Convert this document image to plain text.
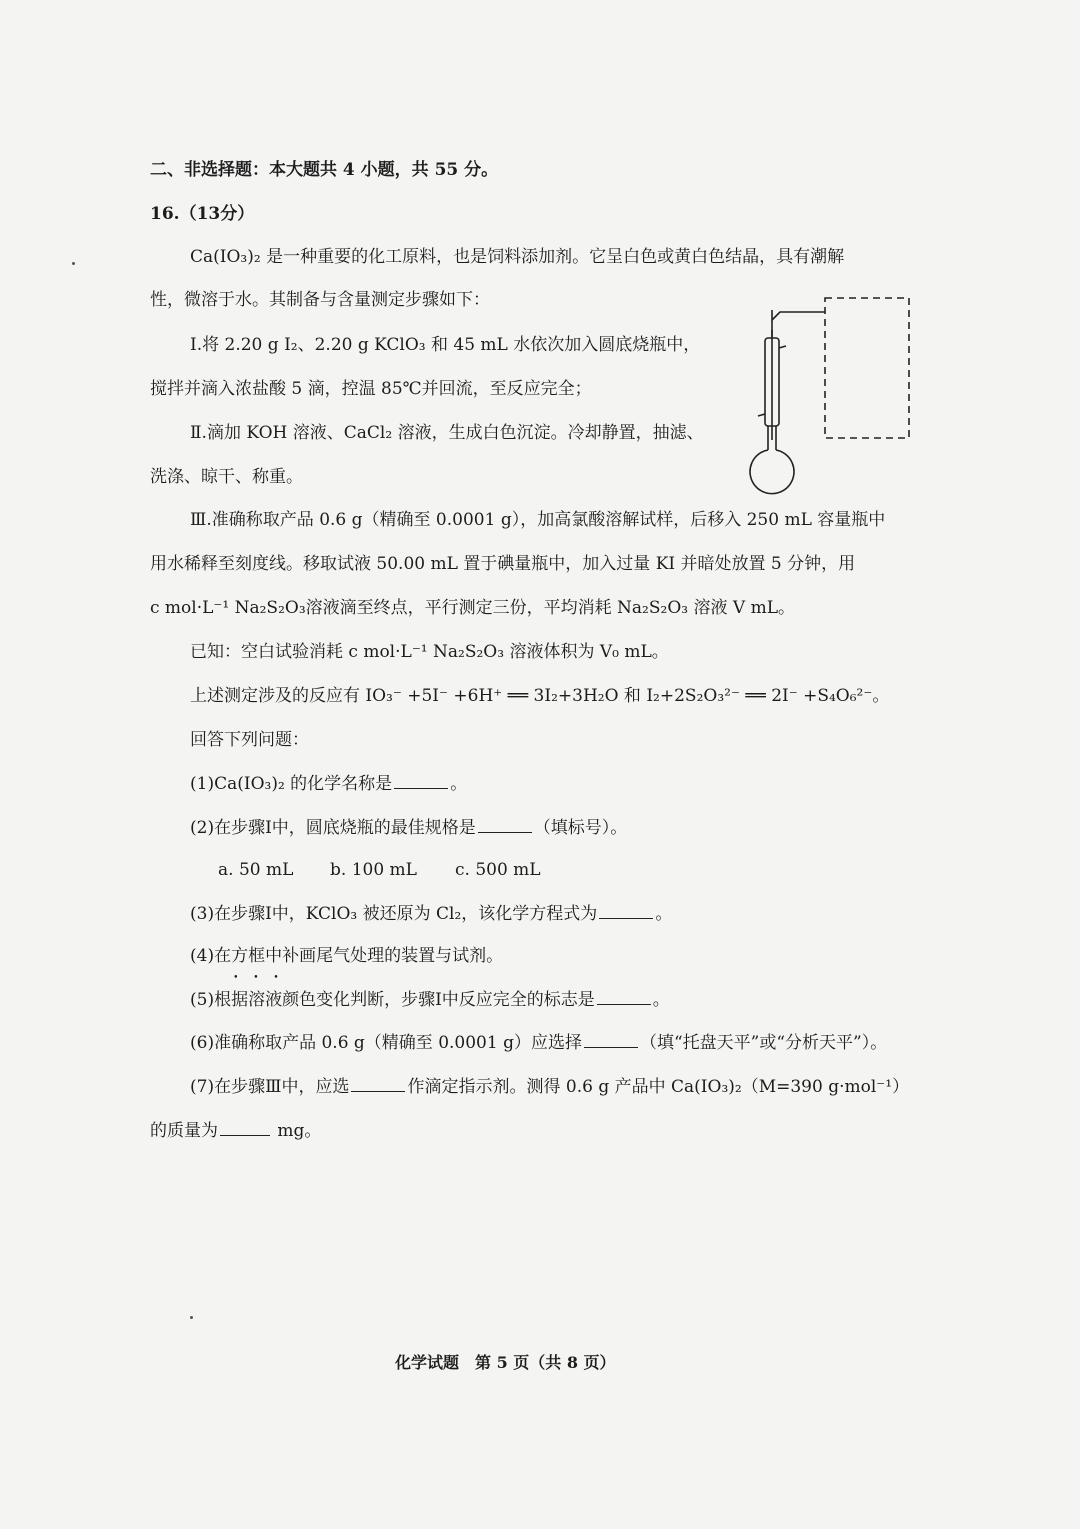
二、非选择题：本大题共 4 小题，共 55 分。
16.（13分）
Ca(IO₃)₂ 是一种重要的化工原料，也是饲料添加剂。它呈白色或黄白色结晶，具有潮解
性，微溶于水。其制备与含量测定步骤如下：
Ⅰ.将 2.20 g I₂、2.20 g KClO₃ 和 45 mL 水依次加入圆底烧瓶中，
搅拌并滴入浓盐酸 5 滴，控温 85℃并回流，至反应完全；
Ⅱ.滴加 KOH 溶液、CaCl₂ 溶液，生成白色沉淀。冷却静置，抽滤、
洗涤、晾干、称重。
Ⅲ.准确称取产品 0.6 g（精确至 0.0001 g），加高氯酸溶解试样，后移入 250 mL 容量瓶中
用水稀释至刻度线。移取试液 50.00 mL 置于碘量瓶中，加入过量 KI 并暗处放置 5 分钟，用
c mol·L⁻¹ Na₂S₂O₃溶液滴至终点，平行测定三份，平均消耗 Na₂S₂O₃ 溶液 V mL。
已知：空白试验消耗 c mol·L⁻¹ Na₂S₂O₃ 溶液体积为 V₀ mL。
上述测定涉及的反应有 IO₃⁻ +5I⁻ +6H⁺ ══ 3I₂+3H₂O 和 I₂+2S₂O₃²⁻ ══ 2I⁻ +S₄O₆²⁻。
回答下列问题：
(1)Ca(IO₃)₂ 的化学名称是	。
(2)在步骤Ⅰ中，圆底烧瓶的最佳规格是	（填标号）。
a. 50 mL b. 100 mL c. 500 mL
(3)在步骤Ⅰ中，KClO₃ 被还原为 Cl₂，该化学方程式为	。
(4)在方框中 • • •补画尾气处理的装置与试剂。
(5)根据溶液颜色变化判断，步骤Ⅰ中反应完全的标志是	。
(6)准确称取产品 0.6 g（精确至 0.0001 g）应选择	（填“托盘天平”或“分析天平”）。
(7)在步骤Ⅲ中，应选	作滴定指示剂。测得 0.6 g 产品中 Ca(IO₃)₂（M=390 g·mol⁻¹）
的质量为	mg。
化学试题　第 5 页（共 8 页）
